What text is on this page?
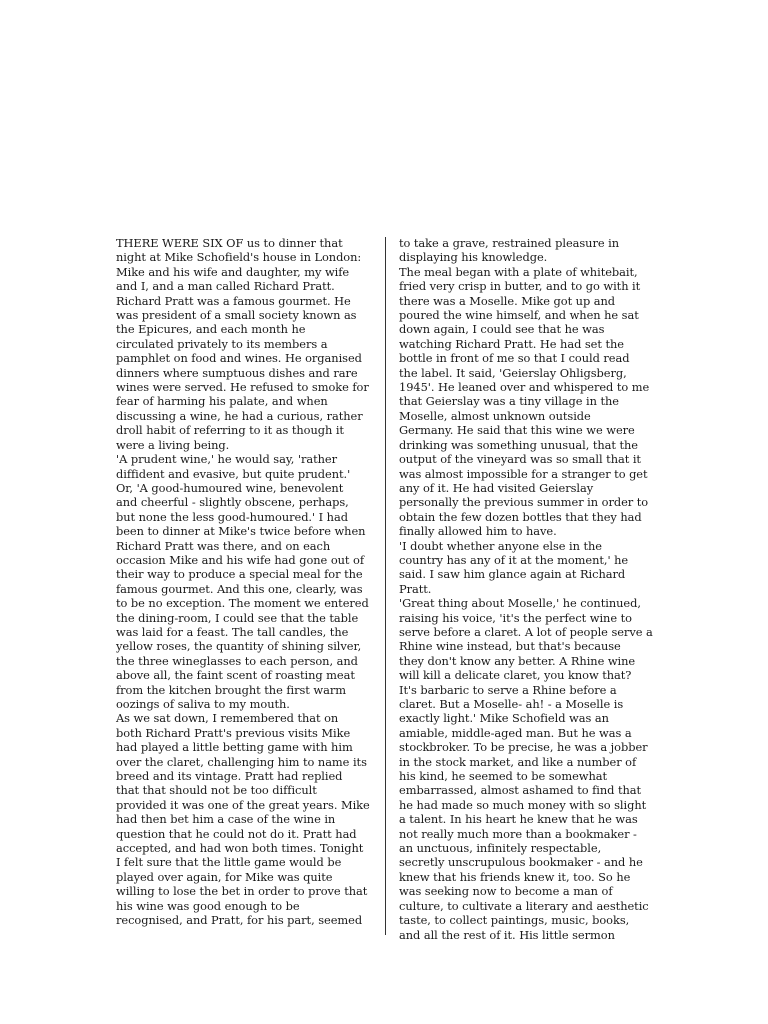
THERE WERE SIX OF us to dinner that
night at Mike Schofield's house in London:
Mike and his wife and daughter, my wife
and I, and a man called Richard Pratt.
Richard Pratt was a famous gourmet. He
was president of a small society known as
the Epicures, and each month he
circulated privately to its members a
pamphlet on food and wines. He organised
dinners where sumptuous dishes and rare
wines were served. He refused to smoke for
fear of harming his palate, and when
discussing a wine, he had a curious, rather
droll habit of referring to it as though it
were a living being.
'A prudent wine,' he would say, 'rather
diffident and evasive, but quite prudent.'
Or, 'A good-humoured wine, benevolent
and cheerful - slightly obscene, perhaps,
but none the less good-humoured.' I had
been to dinner at Mike's twice before when
Richard Pratt was there, and on each
occasion Mike and his wife had gone out of
their way to produce a special meal for the
famous gourmet. And this one, clearly, was
to be no exception. The moment we entered
the dining-room, I could see that the table
was laid for a feast. The tall candles, the
yellow roses, the quantity of shining silver,
the three wineglasses to each person, and
above all, the faint scent of roasting meat
from the kitchen brought the first warm
oozings of saliva to my mouth.
As we sat down, I remembered that on
both Richard Pratt's previous visits Mike
had played a little betting game with him
over the claret, challenging him to name its
breed and its vintage. Pratt had replied
that that should not be too difficult
provided it was one of the great years. Mike
had then bet him a case of the wine in
question that he could not do it. Pratt had
accepted, and had won both times. Tonight
I felt sure that the little game would be
played over again, for Mike was quite
willing to lose the bet in order to prove that
his wine was good enough to be
recognised, and Pratt, for his part, seemed
to take a grave, restrained pleasure in
displaying his knowledge.
The meal began with a plate of whitebait,
fried very crisp in butter, and to go with it
there was a Moselle. Mike got up and
poured the wine himself, and when he sat
down again, I could see that he was
watching Richard Pratt. He had set the
bottle in front of me so that I could read
the label. It said, 'Geierslay Ohligsberg,
1945'. He leaned over and whispered to me
that Geierslay was a tiny village in the
Moselle, almost unknown outside
Germany. He said that this wine we were
drinking was something unusual, that the
output of the vineyard was so small that it
was almost impossible for a stranger to get
any of it. He had visited Geierslay
personally the previous summer in order to
obtain the few dozen bottles that they had
finally allowed him to have.
'I doubt whether anyone else in the
country has any of it at the moment,' he
said. I saw him glance again at Richard
Pratt.
'Great thing about Moselle,' he continued,
raising his voice, 'it's the perfect wine to
serve before a claret. A lot of people serve a
Rhine wine instead, but that's because
they don't know any better. A Rhine wine
will kill a delicate claret, you know that?
It's barbaric to serve a Rhine before a
claret. But a Moselle- ah! - a Moselle is
exactly light.' Mike Schofield was an
amiable, middle-aged man. But he was a
stockbroker. To be precise, he was a jobber
in the stock market, and like a number of
his kind, he seemed to be somewhat
embarrassed, almost ashamed to find that
he had made so much money with so slight
a talent. In his heart he knew that he was
not really much more than a bookmaker -
an unctuous, infinitely respectable,
secretly unscrupulous bookmaker - and he
knew that his friends knew it, too. So he
was seeking now to become a man of
culture, to cultivate a literary and aesthetic
taste, to collect paintings, music, books,
and all the rest of it. His little sermon
